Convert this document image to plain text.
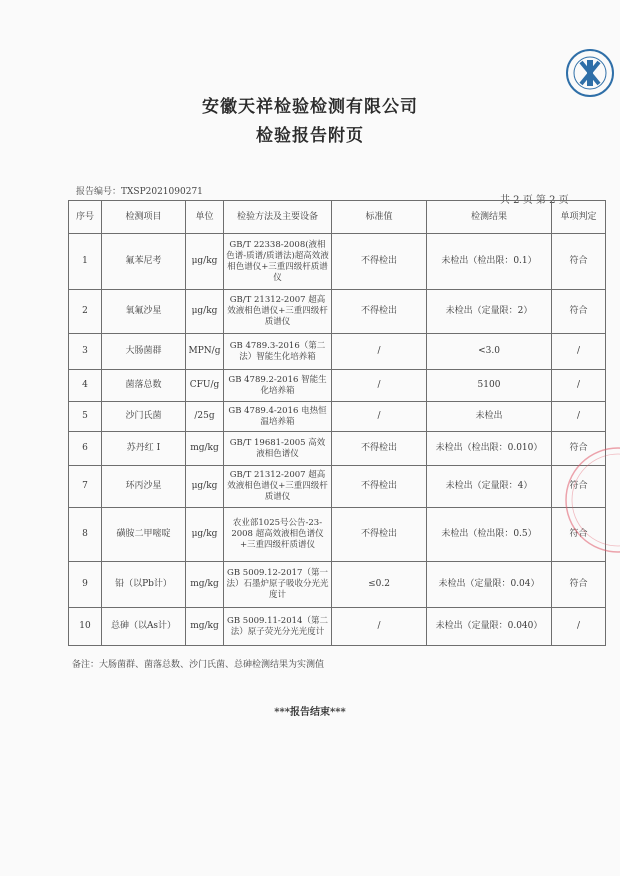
安徽天祥检验检测有限公司
检验报告附页
报告编号：TXSP2021090271
共 2 页 第 2 页
序号	检测项目	单位	检验方法及主要设备	标准值	检测结果	单项判定
1	氟苯尼考	μg/kg	GB/T 22338-2008(液相色谱-质谱/质谱法)超高效液相色谱仪+三重四级杆质谱仪	不得检出	未检出（检出限：0.1）	符合
2	氧氟沙星	μg/kg	GB/T 21312-2007 超高效液相色谱仪+三重四级杆质谱仪	不得检出	未检出（定量限：2）	符合
3	大肠菌群	MPN/g	GB 4789.3-2016（第二法）智能生化培养箱	/	<3.0	/
4	菌落总数	CFU/g	GB 4789.2-2016 智能生化培养箱	/	5100	/
5	沙门氏菌	/25g	GB 4789.4-2016 电热恒温培养箱	/	未检出	/
6	苏丹红 I	mg/kg	GB/T 19681-2005 高效液相色谱仪	不得检出	未检出（检出限：0.010）	符合
7	环丙沙星	μg/kg	GB/T 21312-2007 超高效液相色谱仪+三重四级杆质谱仪	不得检出	未检出（定量限：4）	符合
8	磺胺二甲嘧啶	μg/kg	农业部1025号公告-23-2008 超高效液相色谱仪+三重四级杆质谱仪	不得检出	未检出（检出限：0.5）	符合
9	铅（以Pb计）	mg/kg	GB 5009.12-2017（第一法）石墨炉原子吸收分光光度计	≤0.2	未检出（定量限：0.04）	符合
10	总砷（以As计）	mg/kg	GB 5009.11-2014（第二法）原子荧光分光光度计	/	未检出（定量限：0.040）	/
备注：大肠菌群、菌落总数、沙门氏菌、总砷检测结果为实测值
***报告结束***
